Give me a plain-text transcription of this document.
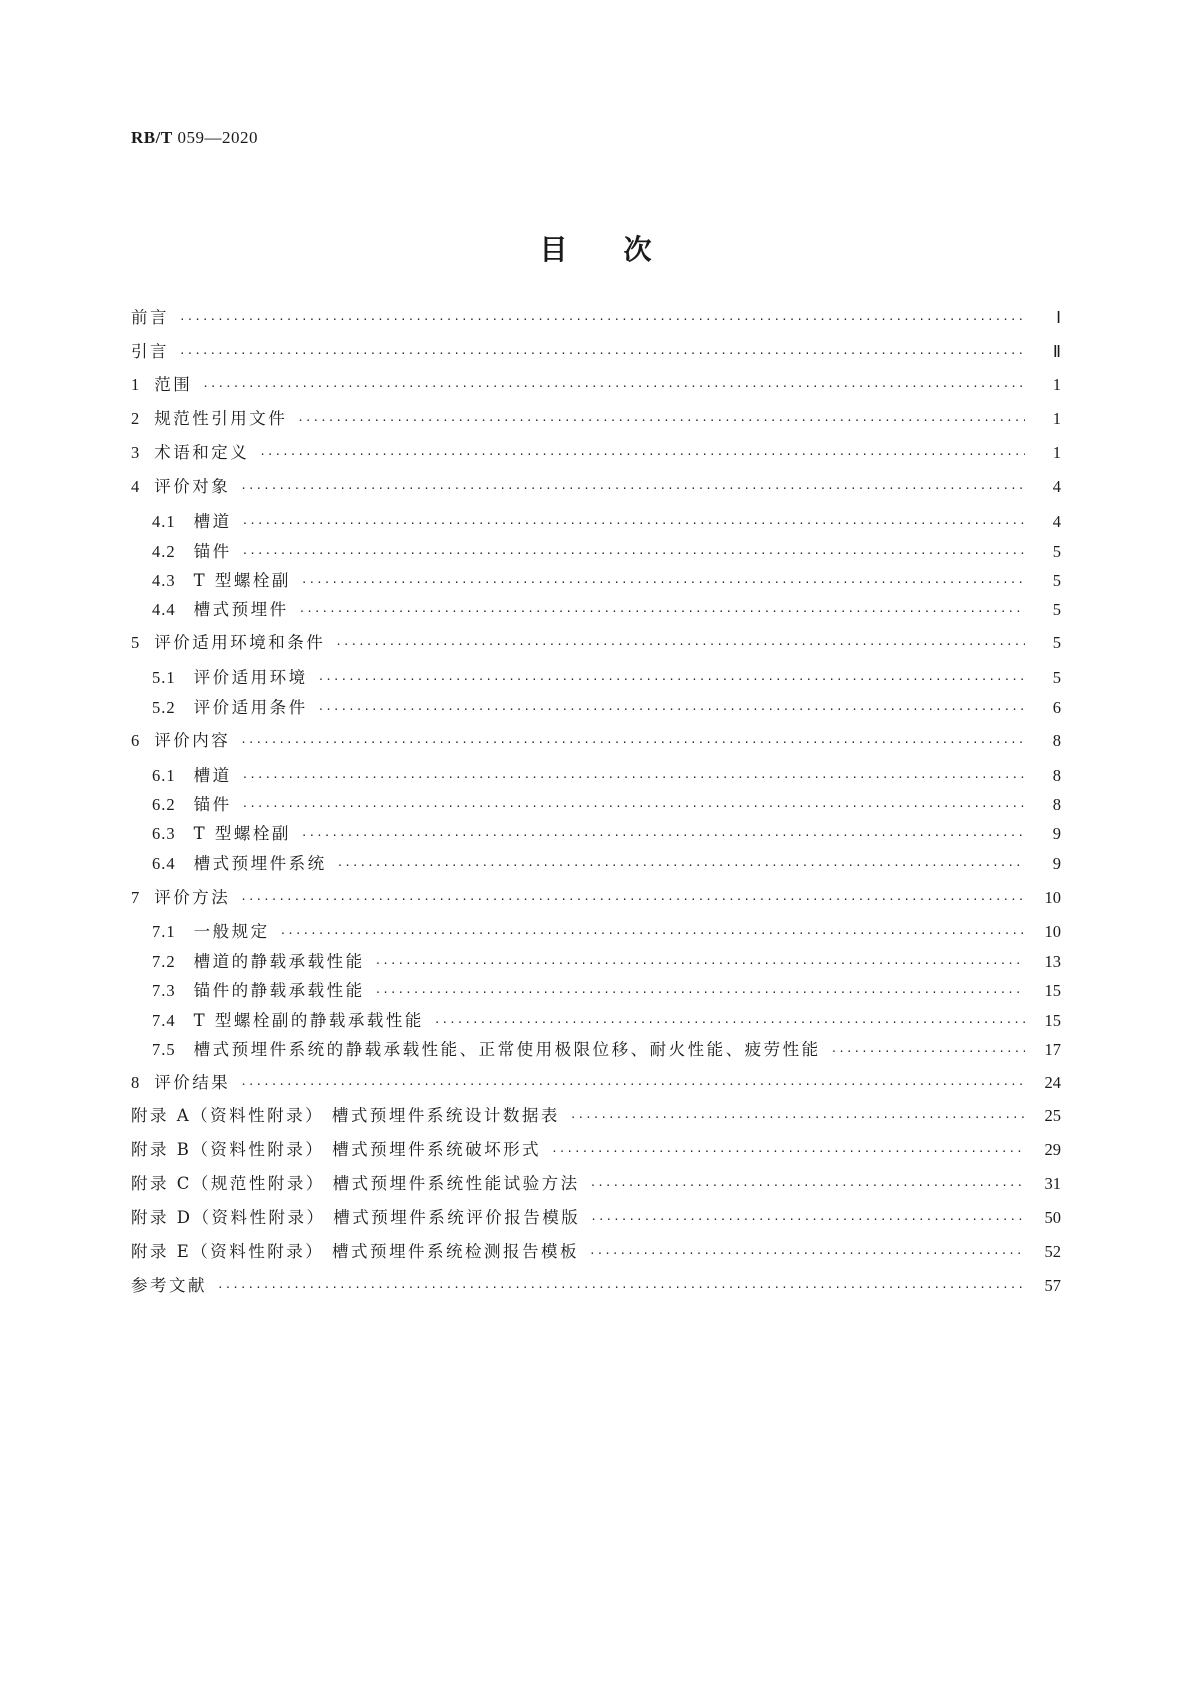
RB/T 059—2020
目次
前言 ·····	Ⅰ
引言 ·····	Ⅱ
1 范围 ·····	1
2 规范性引用文件 ·····	1
3 术语和定义 ·····	1
4 评价对象 ·····	4
4.1 槽道 ·····	4
4.2 锚件 ·····	5
4.3 T 型螺栓副 ·····	5
4.4 槽式预埋件 ·····	5
5 评价适用环境和条件 ·····	5
5.1 评价适用环境 ·····	5
5.2 评价适用条件 ·····	6
6 评价内容 ·····	8
6.1 槽道 ·····	8
6.2 锚件 ·····	8
6.3 T 型螺栓副 ·····	9
6.4 槽式预埋件系统 ·····	9
7 评价方法 ·····	10
7.1 一般规定 ·····	10
7.2 槽道的静载承载性能 ·····	13
7.3 锚件的静载承载性能 ·····	15
7.4 T 型螺栓副的静载承载性能 ·····	15
7.5 槽式预埋件系统的静载承载性能、正常使用极限位移、耐火性能、疲劳性能 ·····	17
8 评价结果 ·····	24
附录 A（资料性附录） 槽式预埋件系统设计数据表 ·····	25
附录 B（资料性附录） 槽式预埋件系统破坏形式 ·····	29
附录 C（规范性附录） 槽式预埋件系统性能试验方法 ·····	31
附录 D（资料性附录） 槽式预埋件系统评价报告模版 ·····	50
附录 E（资料性附录） 槽式预埋件系统检测报告模板 ·····	52
参考文献 ·····	57
